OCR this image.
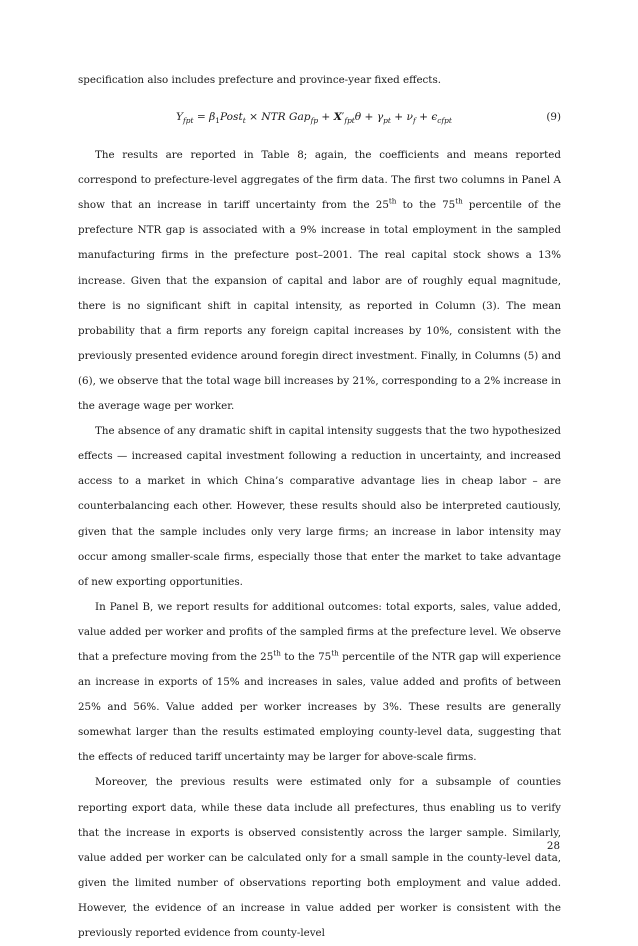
specification also includes prefecture and province-year fixed effects.

$Y_{fpt}$ = $\beta_1Post_t$ × NTR $Gap_{fp} + X'_{fpt}\theta + \gamma_{pt} + \nu_f + \epsilon_{cfpt}$	(9)

The results are reported in Table 8; again, the coefficients and means reported correspond to prefecture-level aggregates of the firm data. The first two columns in Panel A show that an increase in tariff uncertainty from the 25th to the 75th percentile of the prefecture NTR gap is associated with a 9% increase in total employment in the sampled manufacturing firms in the prefecture post–2001. The real capital stock shows a 13% increase. Given that the expansion of capital and labor are of roughly equal magnitude, there is no significant shift in capital intensity, as reported in Column (3). The mean probability that a firm reports any foreign capital increases by 10%, consistent with the previously presented evidence around foregin direct investment. Finally, in Columns (5) and (6), we observe that the total wage bill increases by 21%, corresponding to a 2% increase in the average wage per worker.

The absence of any dramatic shift in capital intensity suggests that the two hypothesized effects — increased capital investment following a reduction in uncertainty, and increased access to a market in which China’s comparative advantage lies in cheap labor – are counterbalancing each other. However, these results should also be interpreted cautiously, given that the sample includes only very large firms; an increase in labor intensity may occur among smaller-scale firms, especially those that enter the market to take advantage of new exporting opportunities.

In Panel B, we report results for additional outcomes: total exports, sales, value added, value added per worker and profits of the sampled firms at the prefecture level. We observe that a prefecture moving from the 25th to the 75th percentile of the NTR gap will experience an increase in exports of 15% and increases in sales, value added and profits of between 25% and 56%. Value added per worker increases by 3%. These results are generally somewhat larger than the results estimated employing county-level data, suggesting that the effects of reduced tariff uncertainty may be larger for above-scale firms.

Moreover, the previous results were estimated only for a subsample of counties reporting export data, while these data include all prefectures, thus enabling us to verify that the increase in exports is observed consistently across the larger sample. Similarly, value added per worker can be calculated only for a small sample in the county-level data, given the limited number of observations reporting both employment and value added. However, the evidence of an increase in value added per worker is consistent with the previously reported evidence from county-level

28
